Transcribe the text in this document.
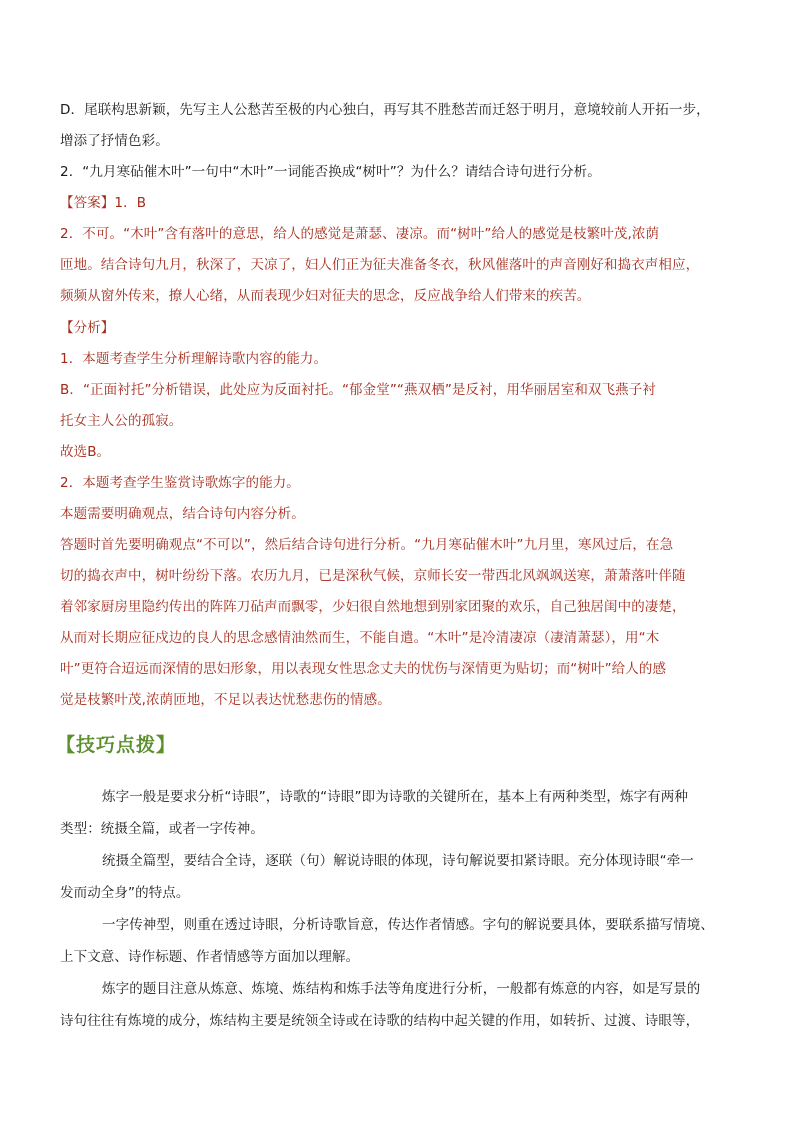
D．尾联构思新颖，先写主人公愁苦至极的内心独白，再写其不胜愁苦而迁怒于明月，意境较前人开拓一步，

增添了抒情色彩。

2．“九月寒砧催木叶”一句中“木叶”一词能否换成“树叶”？为什么？请结合诗句进行分析。

【答案】1．B

2．不可。“木叶”含有落叶的意思，给人的感觉是萧瑟、凄凉。而“树叶”给人的感觉是枝繁叶茂,浓荫

匝地。结合诗句九月，秋深了，天凉了，妇人们正为征夫准备冬衣，秋风催落叶的声音刚好和捣衣声相应，

频频从窗外传来，撩人心绪，从而表现少妇对征夫的思念，反应战争给人们带来的疾苦。

【分析】

1．本题考查学生分析理解诗歌内容的能力。

B．“正面衬托”分析错误，此处应为反面衬托。“郁金堂”“燕双栖”是反衬，用华丽居室和双飞燕子衬

托女主人公的孤寂。

故选B。

2．本题考查学生鉴赏诗歌炼字的能力。

本题需要明确观点，结合诗句内容分析。

答题时首先要明确观点“不可以”，然后结合诗句进行分析。“九月寒砧催木叶”九月里，寒风过后，在急

切的捣衣声中，树叶纷纷下落。农历九月，已是深秋气候，京师长安一带西北风飒飒送寒，萧萧落叶伴随

着邻家厨房里隐约传出的阵阵刀砧声而飘零，少妇很自然地想到别家团聚的欢乐，自己独居闺中的凄楚，

从而对长期应征戍边的良人的思念感情油然而生，不能自遣。“木叶”是冷清凄凉（凄清萧瑟），用“木

叶”更符合迢远而深情的思妇形象，用以表现女性思念丈夫的忧伤与深情更为贴切；而“树叶”给人的感

觉是枝繁叶茂,浓荫匝地，不足以表达忧愁悲伤的情感。

【技巧点拨】

炼字一般是要求分析“诗眼”，诗歌的“诗眼”即为诗歌的关键所在，基本上有两种类型，炼字有两种

类型：统摄全篇，或者一字传神。

统摄全篇型，要结合全诗，逐联（句）解说诗眼的体现，诗句解说要扣紧诗眼。充分体现诗眼“牵一

发而动全身”的特点。

一字传神型，则重在透过诗眼，分析诗歌旨意，传达作者情感。字句的解说要具体，要联系描写情境、

上下文意、诗作标题、作者情感等方面加以理解。

炼字的题目注意从炼意、炼境、炼结构和炼手法等角度进行分析，一般都有炼意的内容，如是写景的

诗句往往有炼境的成分，炼结构主要是统领全诗或在诗歌的结构中起关键的作用，如转折、过渡、诗眼等，
